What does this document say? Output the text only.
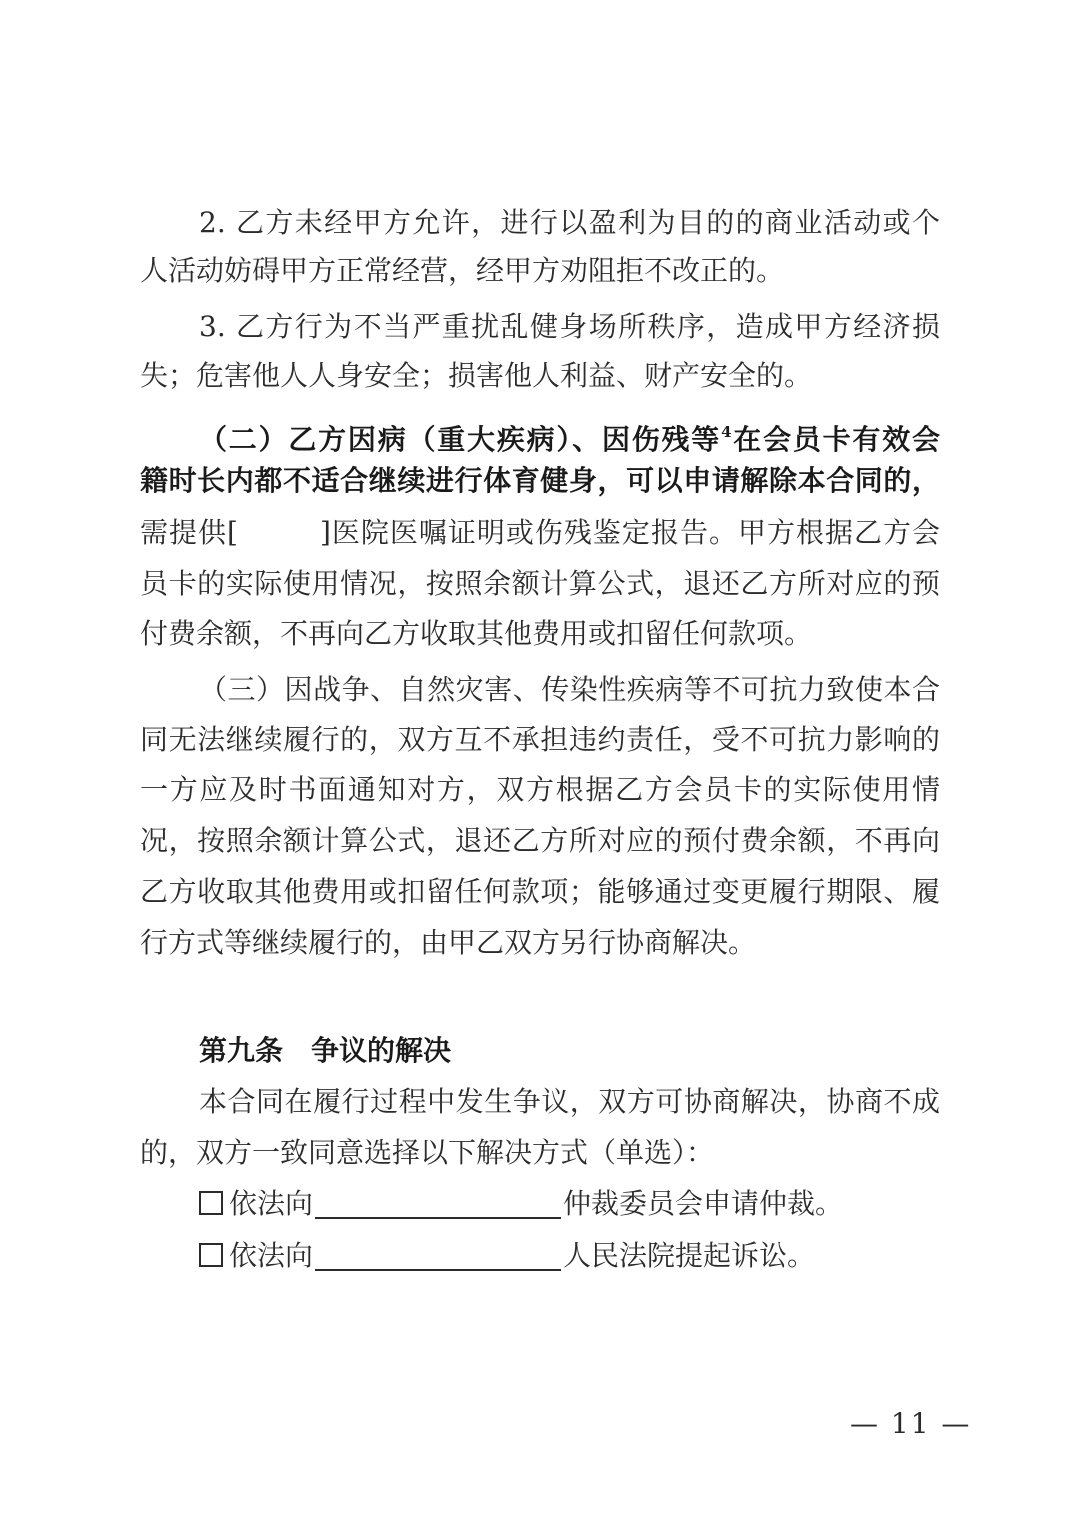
2. 乙方未经甲方允许，进行以盈利为目的的商业活动或个
人活动妨碍甲方正常经营，经甲方劝阻拒不改正的。
3. 乙方行为不当严重扰乱健身场所秩序，造成甲方经济损
失；危害他人人身安全；损害他人利益、财产安全的。
（二）乙方因病（重大疾病）、因伤残等$^4$在会员卡有效会
籍时长内都不适合继续进行体育健身，可以申请解除本合同的，
需提供[	]医院医嘱证明或伤残鉴定报告。甲方根据乙方会
员卡的实际使用情况，按照余额计算公式，退还乙方所对应的预
付费余额，不再向乙方收取其他费用或扣留任何款项。
（三）因战争、自然灾害、传染性疾病等不可抗力致使本合
同无法继续履行的，双方互不承担违约责任，受不可抗力影响的
一方应及时书面通知对方，双方根据乙方会员卡的实际使用情
况，按照余额计算公式，退还乙方所对应的预付费余额，不再向
乙方收取其他费用或扣留任何款项；能够通过变更履行期限、履
行方式等继续履行的，由甲乙双方另行协商解决。
第九条　争议的解决
本合同在履行过程中发生争议，双方可协商解决，协商不成
的，双方一致同意选择以下解决方式（单选）：
依法向	仲裁委员会申请仲裁。
依法向	人民法院提起诉讼。
— 11 —
